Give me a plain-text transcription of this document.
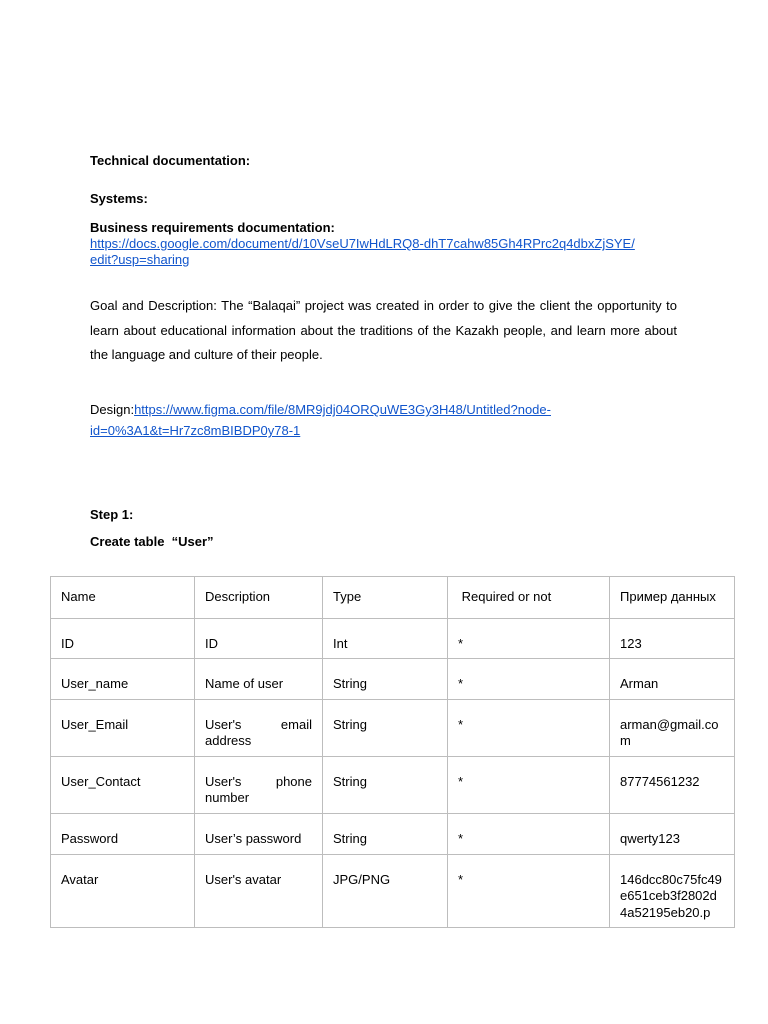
Technical documentation:
Systems:
Business requirements documentation:
https://docs.google.com/document/d/10VseU7IwHdLRQ8-dhT7cahw85Gh4RPrc2q4dbxZjSYE/
edit?usp=sharing
Goal and Description: The “Balaqai” project was created in order to give the client the opportunity to learn about educational information about the traditions of the Kazakh people, and learn more about the language and culture of their people.
Design:https://www.figma.com/file/8MR9jdj04ORQuWE3Gy3H48/Untitled?node-
id=0%3A1&t=Hr7zc8mBIBDP0y78-1
Step 1:
Create table  “User”
Name	Description	Type	Required or not	Пример данных
ID	ID	Int	*	123
User_name	Name of user	String	*	Arman
User_Email	User's email address	String	*	arman@gmail.com
User_Contact	User's phone number	String	*	87774561232
Password	User’s password	String	*	qwerty123
Avatar	User's avatar	JPG/PNG	*	146dcc80c75fc49e651ceb3f2802d4a52195eb20.p
